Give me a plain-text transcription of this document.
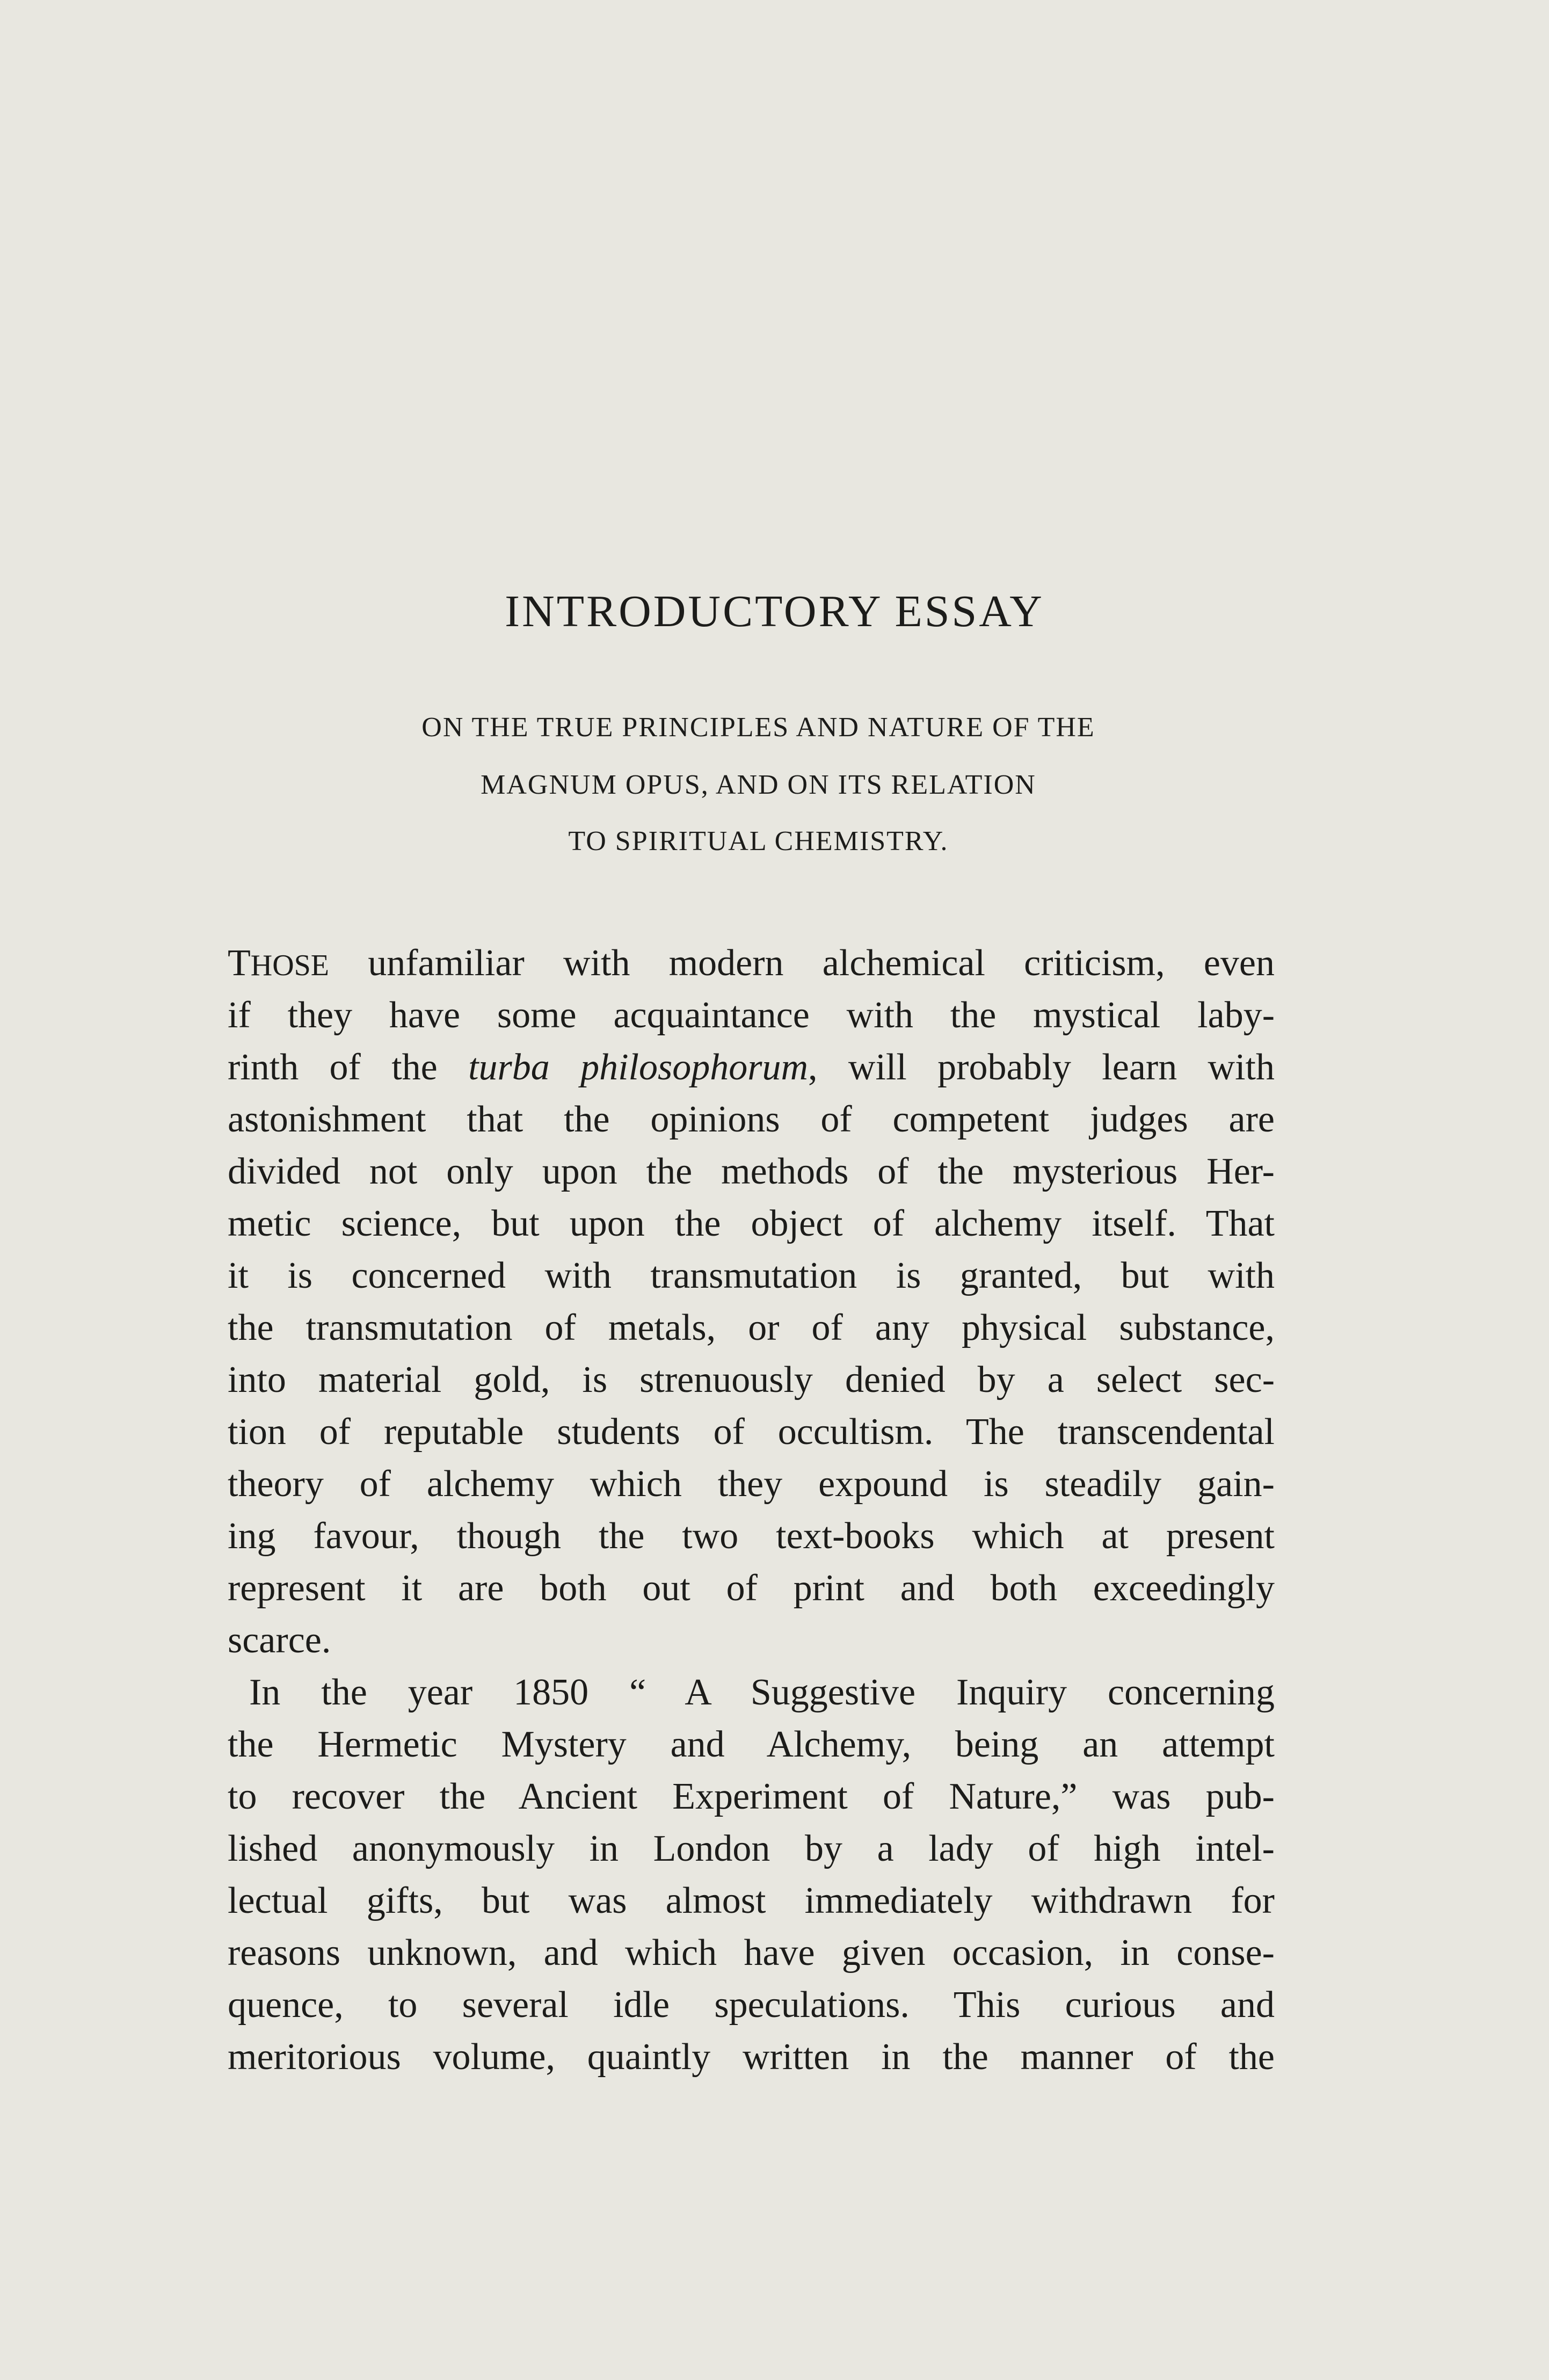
INTRODUCTORY ESSAY
ON THE TRUE PRINCIPLES AND NATURE OF THE
MAGNUM OPUS, AND ON ITS RELATION
TO SPIRITUAL CHEMISTRY.
THOSE unfamiliar with modern alchemical criticism, even
if they have some acquaintance with the mystical laby-
rinth of the turba philosophorum, will probably learn with
astonishment that the opinions of competent judges are
divided not only upon the methods of the mysterious Her-
metic science, but upon the object of alchemy itself. That
it is concerned with transmutation is granted, but with
the transmutation of metals, or of any physical substance,
into material gold, is strenuously denied by a select sec-
tion of reputable students of occultism. The transcendental
theory of alchemy which they expound is steadily gain-
ing favour, though the two text-books which at present
represent it are both out of print and both exceedingly
scarce.
In the year 1850 “ A Suggestive Inquiry concerning
the Hermetic Mystery and Alchemy, being an attempt
to recover the Ancient Experiment of Nature,” was pub-
lished anonymously in London by a lady of high intel-
lectual gifts, but was almost immediately withdrawn for
reasons unknown, and which have given occasion, in conse-
quence, to several idle speculations. This curious and
meritorious volume, quaintly written in the manner of the
